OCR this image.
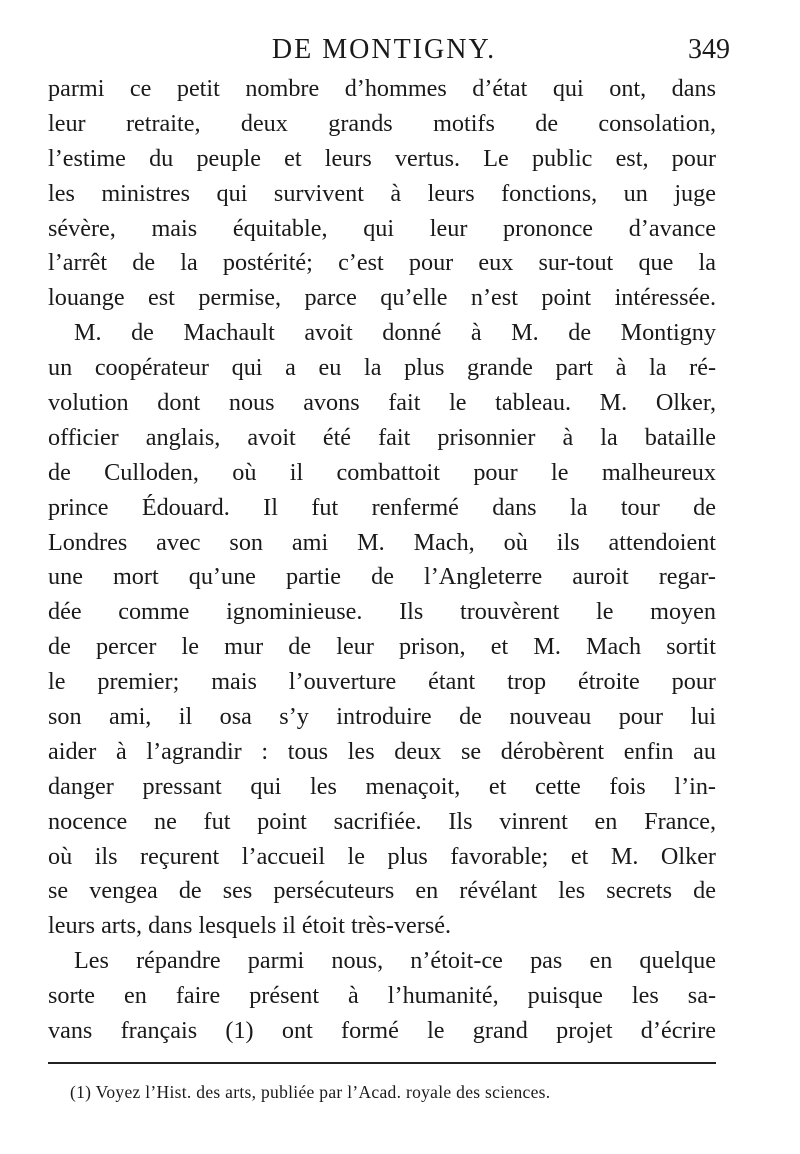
DE MONTIGNY.	349
parmi ce petit nombre d’hommes d’état qui ont, dans
leur retraite, deux grands motifs de consolation,
l’estime du peuple et leurs vertus. Le public est, pour
les ministres qui survivent à leurs fonctions, un juge
sévère, mais équitable, qui leur prononce d’avance
l’arrêt de la postérité; c’est pour eux sur-tout que la
louange est permise, parce qu’elle n’est point intéressée.
M. de Machault avoit donné à M. de Montigny
un coopérateur qui a eu la plus grande part à la ré-
volution dont nous avons fait le tableau. M. Olker,
officier anglais, avoit été fait prisonnier à la bataille
de Culloden, où il combattoit pour le malheureux
prince Édouard. Il fut renfermé dans la tour de
Londres avec son ami M. Mach, où ils attendoient
une mort qu’une partie de l’Angleterre auroit regar-
dée comme ignominieuse. Ils trouvèrent le moyen
de percer le mur de leur prison, et M. Mach sortit
le premier; mais l’ouverture étant trop étroite pour
son ami, il osa s’y introduire de nouveau pour lui
aider à l’agrandir : tous les deux se dérobèrent enfin au
danger pressant qui les menaçoit, et cette fois l’in-
nocence ne fut point sacrifiée. Ils vinrent en France,
où ils reçurent l’accueil le plus favorable; et M. Olker
se vengea de ses persécuteurs en révélant les secrets de
leurs arts, dans lesquels il étoit très-versé.
Les répandre parmi nous, n’étoit-ce pas en quelque
sorte en faire présent à l’humanité, puisque les sa-
vans français (1) ont formé le grand projet d’écrire
(1) Voyez l’Hist. des arts, publiée par l’Acad. royale des sciences.
